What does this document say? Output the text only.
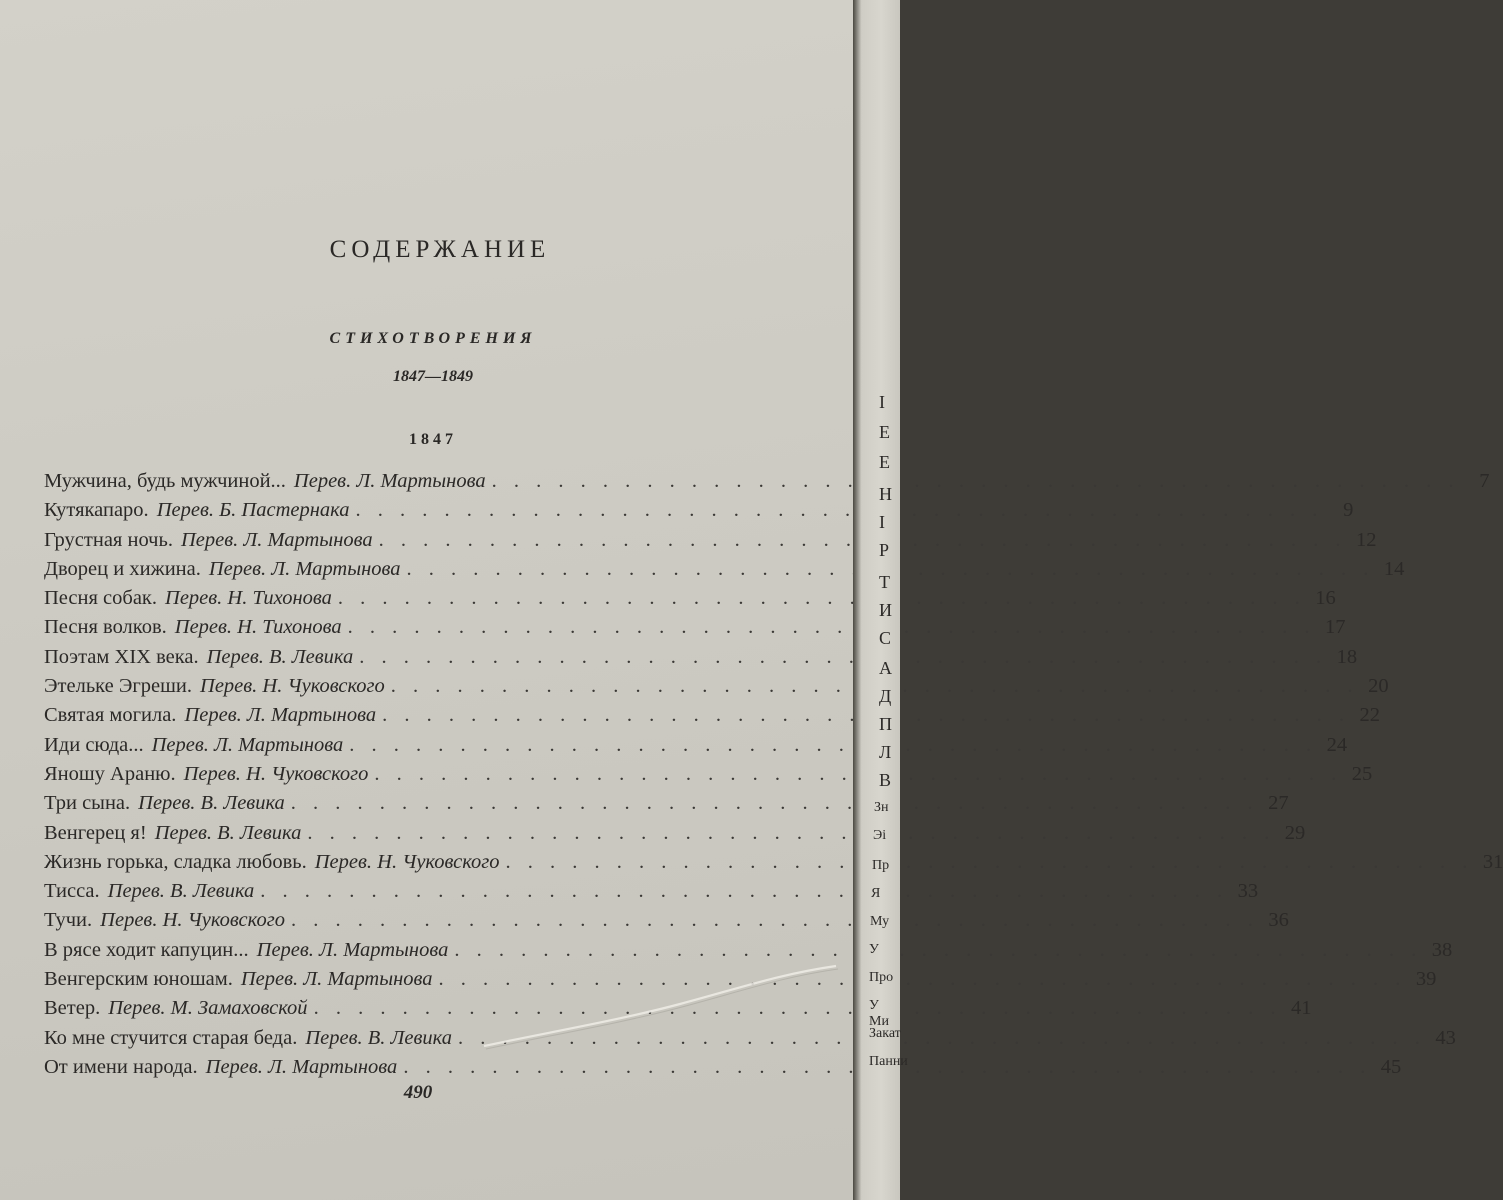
СОДЕРЖАНИЕ
СТИХОТВОРЕНИЯ
1847—1849
1847
Мужчина, будь мужчиной... Перев. Л. Мартынова . . .	7
Кутякапаро. Перев. Б. Пастернака . . .	9
Грустная ночь. Перев. Л. Мартынова . . .	12
Дворец и хижина. Перев. Л. Мартынова . . .	14
Песня собак. Перев. Н. Тихонова . . .	16
Песня волков. Перев. Н. Тихонова . . .	17
Поэтам XIX века. Перев. В. Левика . . .	18
Этельке Эгреши. Перев. Н. Чуковского . . .	20
Святая могила. Перев. Л. Мартынова . . .	22
Иди сюда... Перев. Л. Мартынова . . .	24
Яношу Араню. Перев. Н. Чуковского . . .	25
Три сына. Перев. В. Левика . . .	27
Венгерец я! Перев. В. Левика . . .	29
Жизнь горька, сладка любовь. Перев. Н. Чуковского . . .	31
Тисса. Перев. В. Левика . . .	33
Тучи. Перев. Н. Чуковского . . .	36
В рясе ходит капуцин... Перев. Л. Мартынова . . .	38
Венгерским юношам. Перев. Л. Мартынова . . .	39
Ветер. Перев. М. Замаховской . . .	41
Ко мне стучится старая беда. Перев. В. Левика . . .	43
От имени народа. Перев. Л. Мартынова . . .	45
490
I
Е
Е
Н
I
Р
Т
И
С
А
Д
П
Л
В
Зн
Эі
Пр
Я
Му
У
Про
У Ми
Закат
Панни
